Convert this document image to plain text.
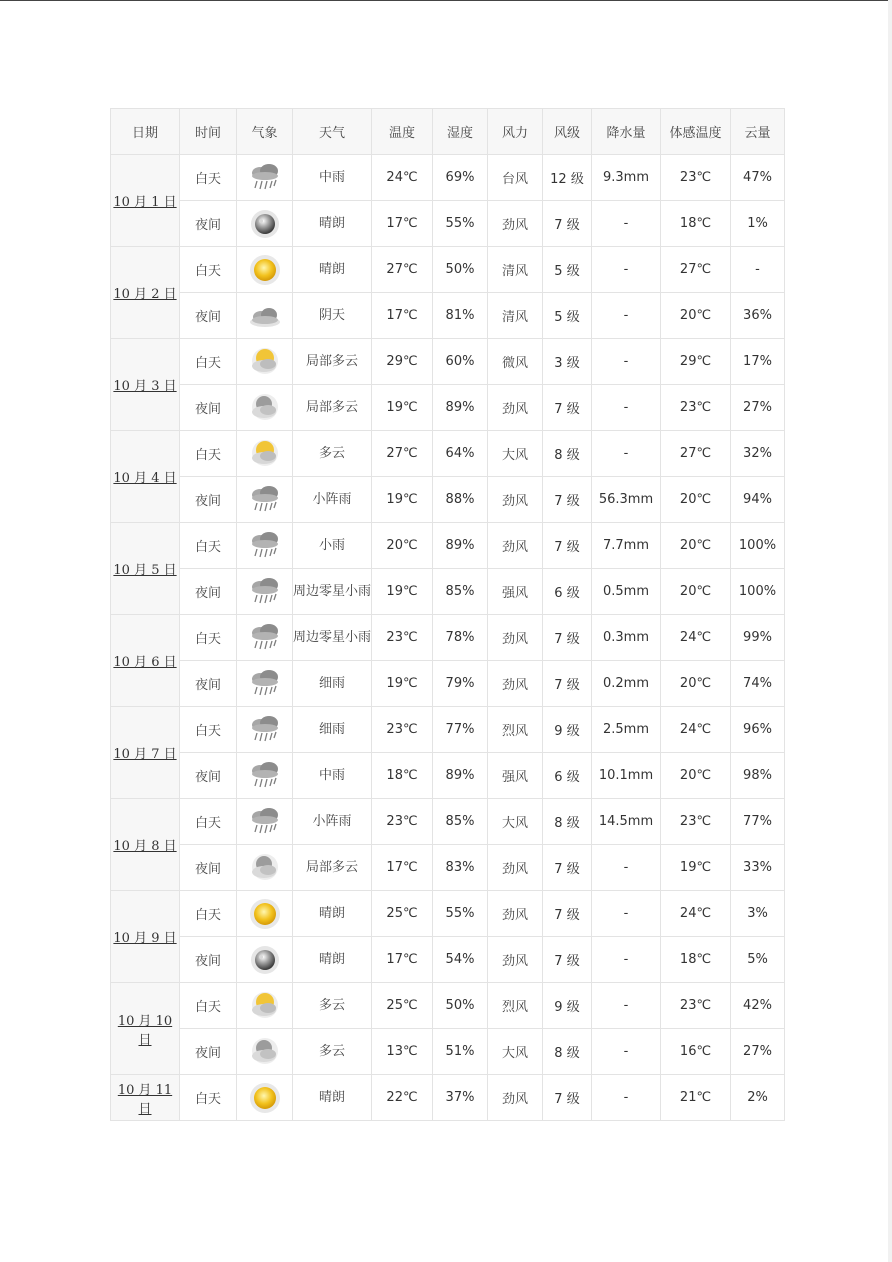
日期	时间	气象	天气	温度	湿度	风力	风级	降水量	体感温度	云量
10 月 1 日	白天		中雨	24℃	69%	台风	12 级	9.3mm	23℃	47%
	夜间		晴朗	17℃	55%	劲风	7 级	-	18℃	1%
10 月 2 日	白天		晴朗	27℃	50%	清风	5 级	-	27℃	-
	夜间		阴天	17℃	81%	清风	5 级	-	20℃	36%
10 月 3 日	白天		局部多云	29℃	60%	微风	3 级	-	29℃	17%
	夜间		局部多云	19℃	89%	劲风	7 级	-	23℃	27%
10 月 4 日	白天		多云	27℃	64%	大风	8 级	-	27℃	32%
	夜间		小阵雨	19℃	88%	劲风	7 级	56.3mm	20℃	94%
10 月 5 日	白天		小雨	20℃	89%	劲风	7 级	7.7mm	20℃	100%
	夜间		周边零星小雨	19℃	85%	强风	6 级	0.5mm	20℃	100%
10 月 6 日	白天		周边零星小雨	23℃	78%	劲风	7 级	0.3mm	24℃	99%
	夜间		细雨	19℃	79%	劲风	7 级	0.2mm	20℃	74%
10 月 7 日	白天		细雨	23℃	77%	烈风	9 级	2.5mm	24℃	96%
	夜间		中雨	18℃	89%	强风	6 级	10.1mm	20℃	98%
10 月 8 日	白天		小阵雨	23℃	85%	大风	8 级	14.5mm	23℃	77%
	夜间		局部多云	17℃	83%	劲风	7 级	-	19℃	33%
10 月 9 日	白天		晴朗	25℃	55%	劲风	7 级	-	24℃	3%
	夜间		晴朗	17℃	54%	劲风	7 级	-	18℃	5%
10 月 10 日	白天		多云	25℃	50%	烈风	9 级	-	23℃	42%
	夜间		多云	13℃	51%	大风	8 级	-	16℃	27%
10 月 11 日	白天		晴朗	22℃	37%	劲风	7 级	-	21℃	2%
